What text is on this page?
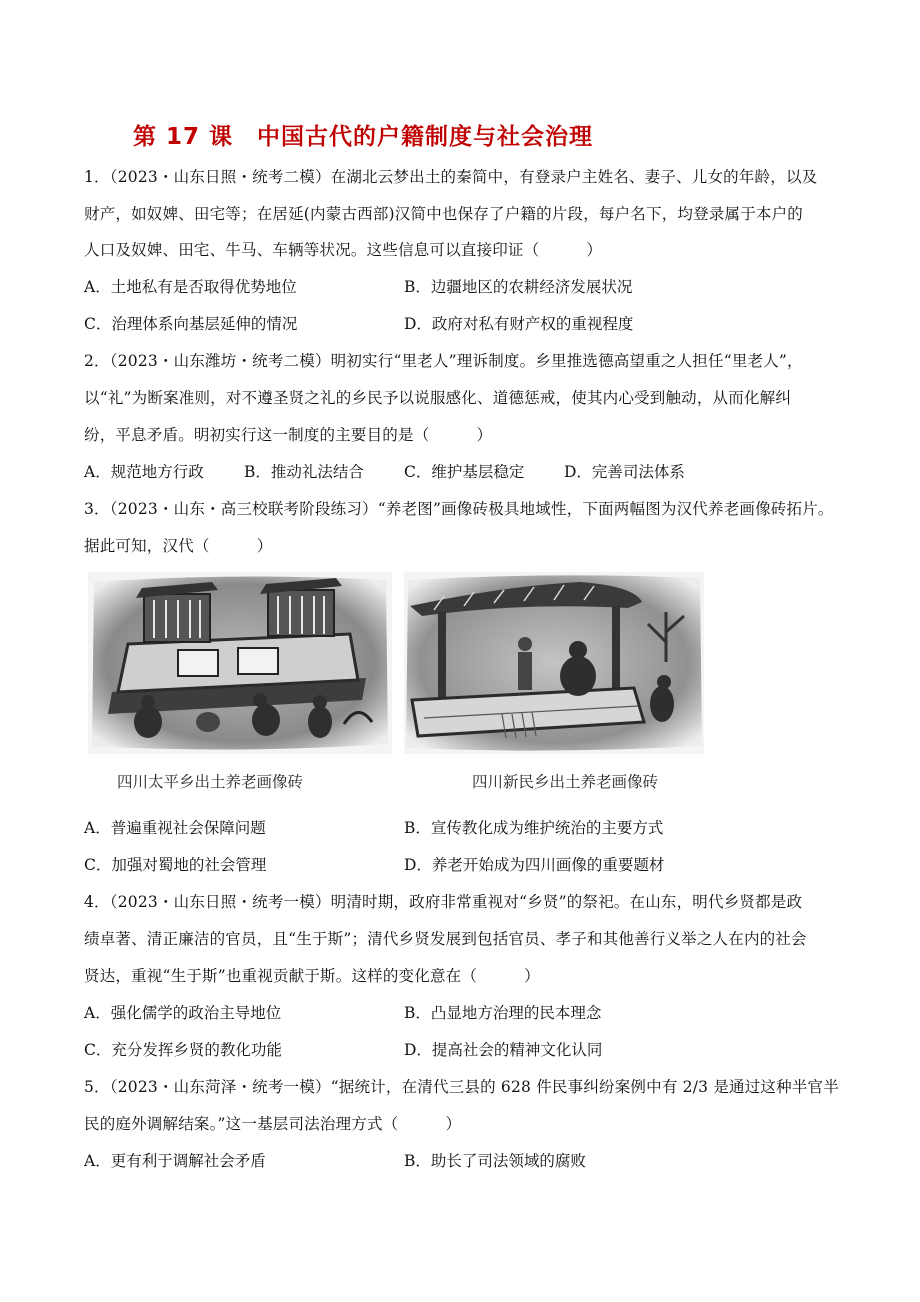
第 17 课　中国古代的户籍制度与社会治理
1．（2023・山东日照・统考二模）在湖北云梦出土的秦简中，有登录户主姓名、妻子、儿女的年龄，以及
财产，如奴婢、田宅等；在居延(内蒙古西部)汉简中也保存了户籍的片段，每户名下，均登录属于本户的
人口及奴婢、田宅、牛马、车辆等状况。这些信息可以直接印证（　　　）
A．土地私有是否取得优势地位	B．边疆地区的农耕经济发展状况
C．治理体系向基层延伸的情况	D．政府对私有财产权的重视程度
2．（2023・山东潍坊・统考二模）明初实行“里老人”理诉制度。乡里推选德高望重之人担任“里老人”，
以“礼”为断案准则，对不遵圣贤之礼的乡民予以说服感化、道德惩戒，使其内心受到触动，从而化解纠
纷，平息矛盾。明初实行这一制度的主要目的是（　　　）
A．规范地方行政	B．推动礼法结合	C．维护基层稳定	D．完善司法体系
3．（2023・山东・高三校联考阶段练习）“养老图”画像砖极具地域性，下面两幅图为汉代养老画像砖拓片。
据此可知，汉代（　　　）
四川太平乡出土养老画像砖	四川新民乡出土养老画像砖
A．普遍重视社会保障问题	B．宣传教化成为维护统治的主要方式
C．加强对蜀地的社会管理	D．养老开始成为四川画像的重要题材
4．（2023・山东日照・统考一模）明清时期，政府非常重视对“乡贤”的祭祀。在山东，明代乡贤都是政
绩卓著、清正廉洁的官员，且“生于斯”；清代乡贤发展到包括官员、孝子和其他善行义举之人在内的社会
贤达，重视“生于斯”也重视贡献于斯。这样的变化意在（　　　）
A．强化儒学的政治主导地位	B．凸显地方治理的民本理念
C．充分发挥乡贤的教化功能	D．提高社会的精神文化认同
5．（2023・山东菏泽・统考一模）“据统计，在清代三县的 628 件民事纠纷案例中有 2/3 是通过这种半官半
民的庭外调解结案。”这一基层司法治理方式（　　　）
A．更有利于调解社会矛盾	B．助长了司法领域的腐败
